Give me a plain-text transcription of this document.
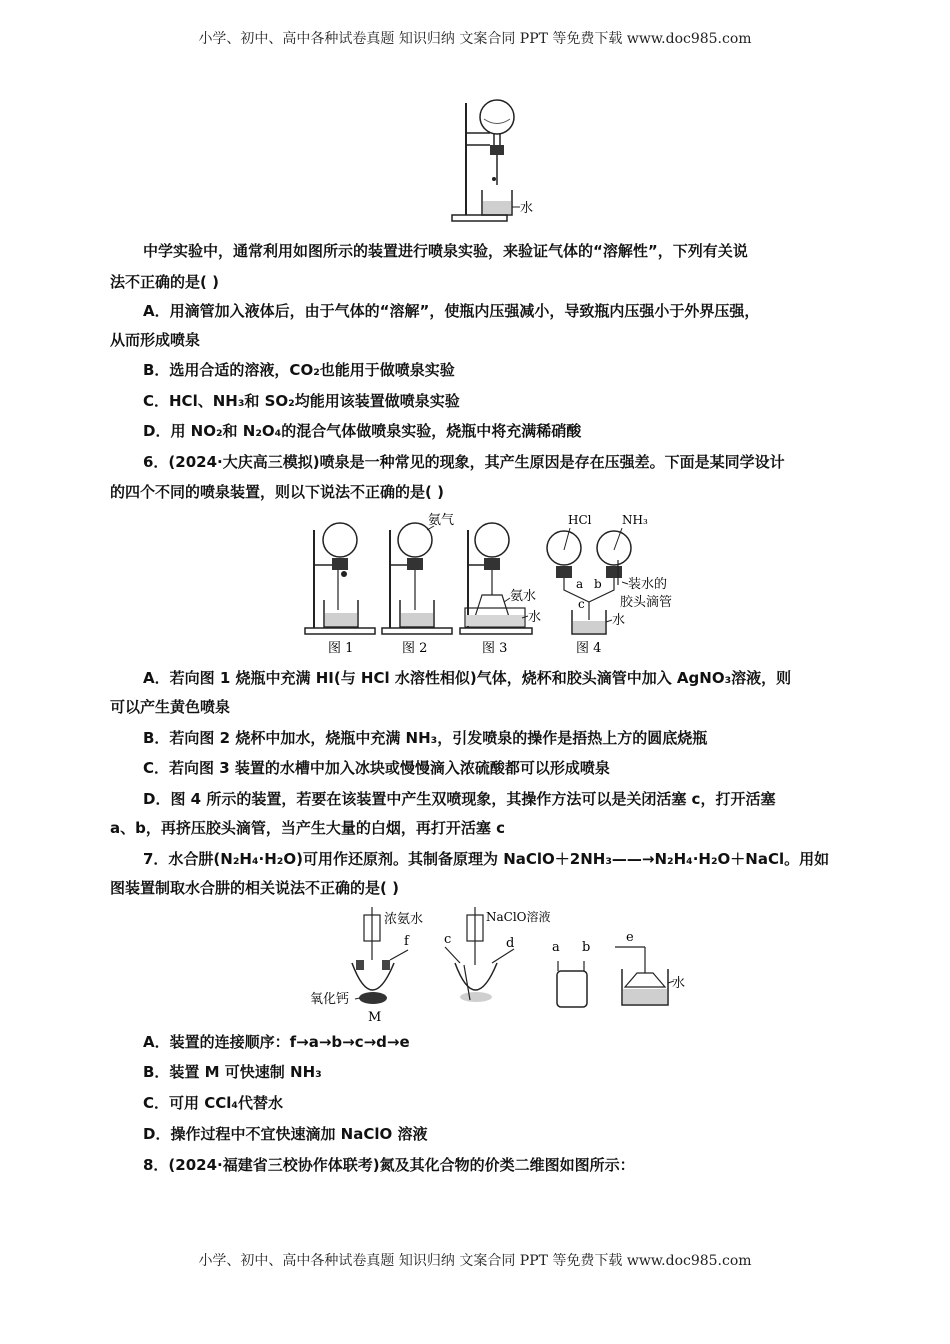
小学、初中、高中各种试卷真题 知识归纳 文案合同 PPT 等免费下载 www.doc985.com
水
中学实验中，通常利用如图所示的装置进行喷泉实验，来验证气体的“溶解性”，下列有关说
法不正确的是( )
A．用滴管加入液体后，由于气体的“溶解”，使瓶内压强减小，导致瓶内压强小于外界压强，
从而形成喷泉
B．选用合适的溶液，CO₂也能用于做喷泉实验
C．HCl、NH₃和 SO₂均能用该装置做喷泉实验
D．用 NO₂和 N₂O₄的混合气体做喷泉实验，烧瓶中将充满稀硝酸
6．(2024·大庆高三模拟)喷泉是一种常见的现象，其产生原因是存在压强差。下面是某同学设计
的四个不同的喷泉装置，则以下说法不正确的是( )
图 1
氨气
图 2
氨水
水
图 3
HCl	NH₃
a b
c
水
装水的
胶头滴管
图 4
A．若向图 1 烧瓶中充满 HI(与 HCl 水溶性相似)气体，烧杯和胶头滴管中加入 AgNO₃溶液，则
可以产生黄色喷泉
B．若向图 2 烧杯中加水，烧瓶中充满 NH₃，引发喷泉的操作是捂热上方的圆底烧瓶
C．若向图 3 装置的水槽中加入冰块或慢慢滴入浓硫酸都可以形成喷泉
D．图 4 所示的装置，若要在该装置中产生双喷现象，其操作方法可以是关闭活塞 c，打开活塞
a、b，再挤压胶头滴管，当产生大量的白烟，再打开活塞 c
7．水合肼(N₂H₄·H₂O)可用作还原剂。其制备原理为 NaClO＋2NH₃——→N₂H₄·H₂O＋NaCl。用如
图装置制取水合肼的相关说法不正确的是( )
浓氨水
f
氧化钙
M
NaClO溶液
c	d	a b
e
水
A．装置的连接顺序：f→a→b→c→d→e
B．装置 M 可快速制 NH₃
C．可用 CCl₄代替水
D．操作过程中不宜快速滴加 NaClO 溶液
8．(2024·福建省三校协作体联考)氮及其化合物的价类二维图如图所示：
小学、初中、高中各种试卷真题 知识归纳 文案合同 PPT 等免费下载 www.doc985.com
